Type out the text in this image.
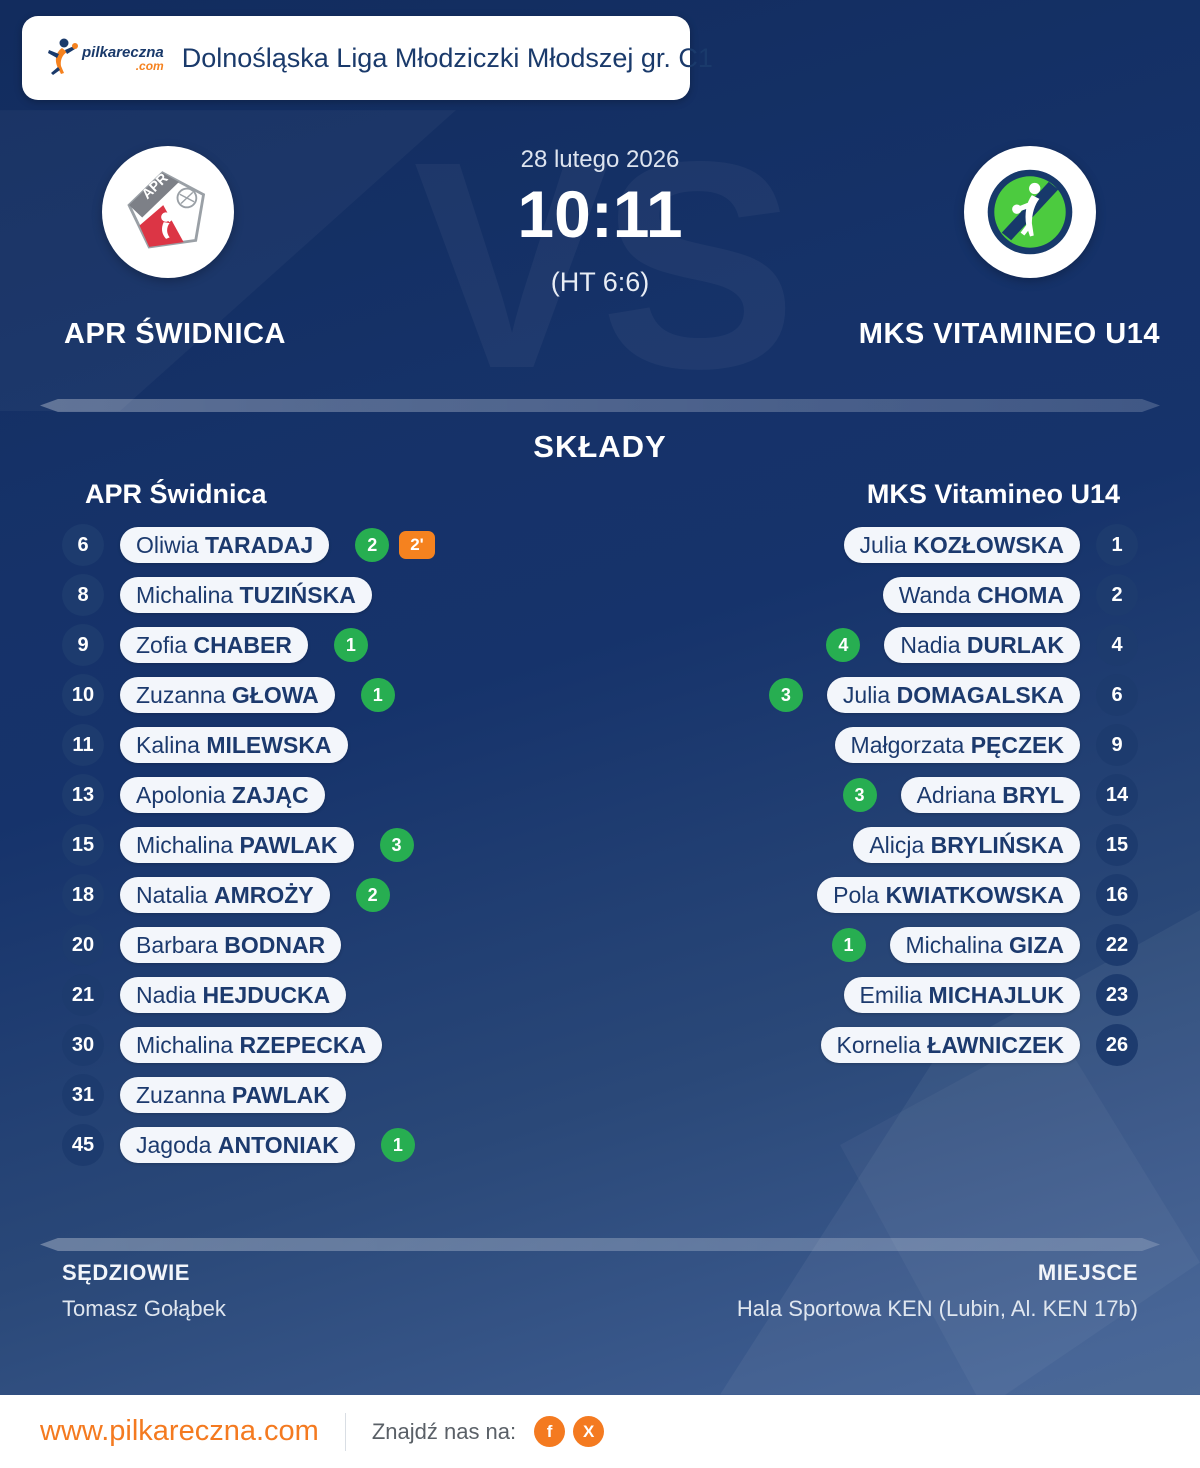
pilkareczna
.com Dolnośląska Liga Młodziczki Młodszej gr. C1
APR
28 lutego 2026
10:11
(HT 6:6)
APR ŚWIDNICA	MKS VITAMINEO U14
SKŁADY
APR Świdnica	MKS Vitamineo U14
6	Oliwia TARADAJ	2	2'
8	Michalina TUZIŃSKA
9	Zofia CHABER	1
10	Zuzanna GŁOWA	1
11	Kalina MILEWSKA
13	Apolonia ZAJĄC
15	Michalina PAWLAK	3
18	Natalia AMROŻY	2
20	Barbara BODNAR
21	Nadia HEJDUCKA
30	Michalina RZEPECKA
31	Zuzanna PAWLAK
45	Jagoda ANTONIAK	1
Julia KOZŁOWSKA	1
Wanda CHOMA	2
4	Nadia DURLAK	4
3	Julia DOMAGALSKA	6
Małgorzata PĘCZEK	9
3	Adriana BRYL	14
Alicja BRYLIŃSKA	15
Pola KWIATKOWSKA	16
1	Michalina GIZA	22
Emilia MICHAJLUK	23
Kornelia ŁAWNICZEK	26
SĘDZIOWIE
Tomasz Gołąbek
MIEJSCE
Hala Sportowa KEN (Lubin, Al. KEN 17b)
www.pilkareczna.com Znajdź nas na:	f X
